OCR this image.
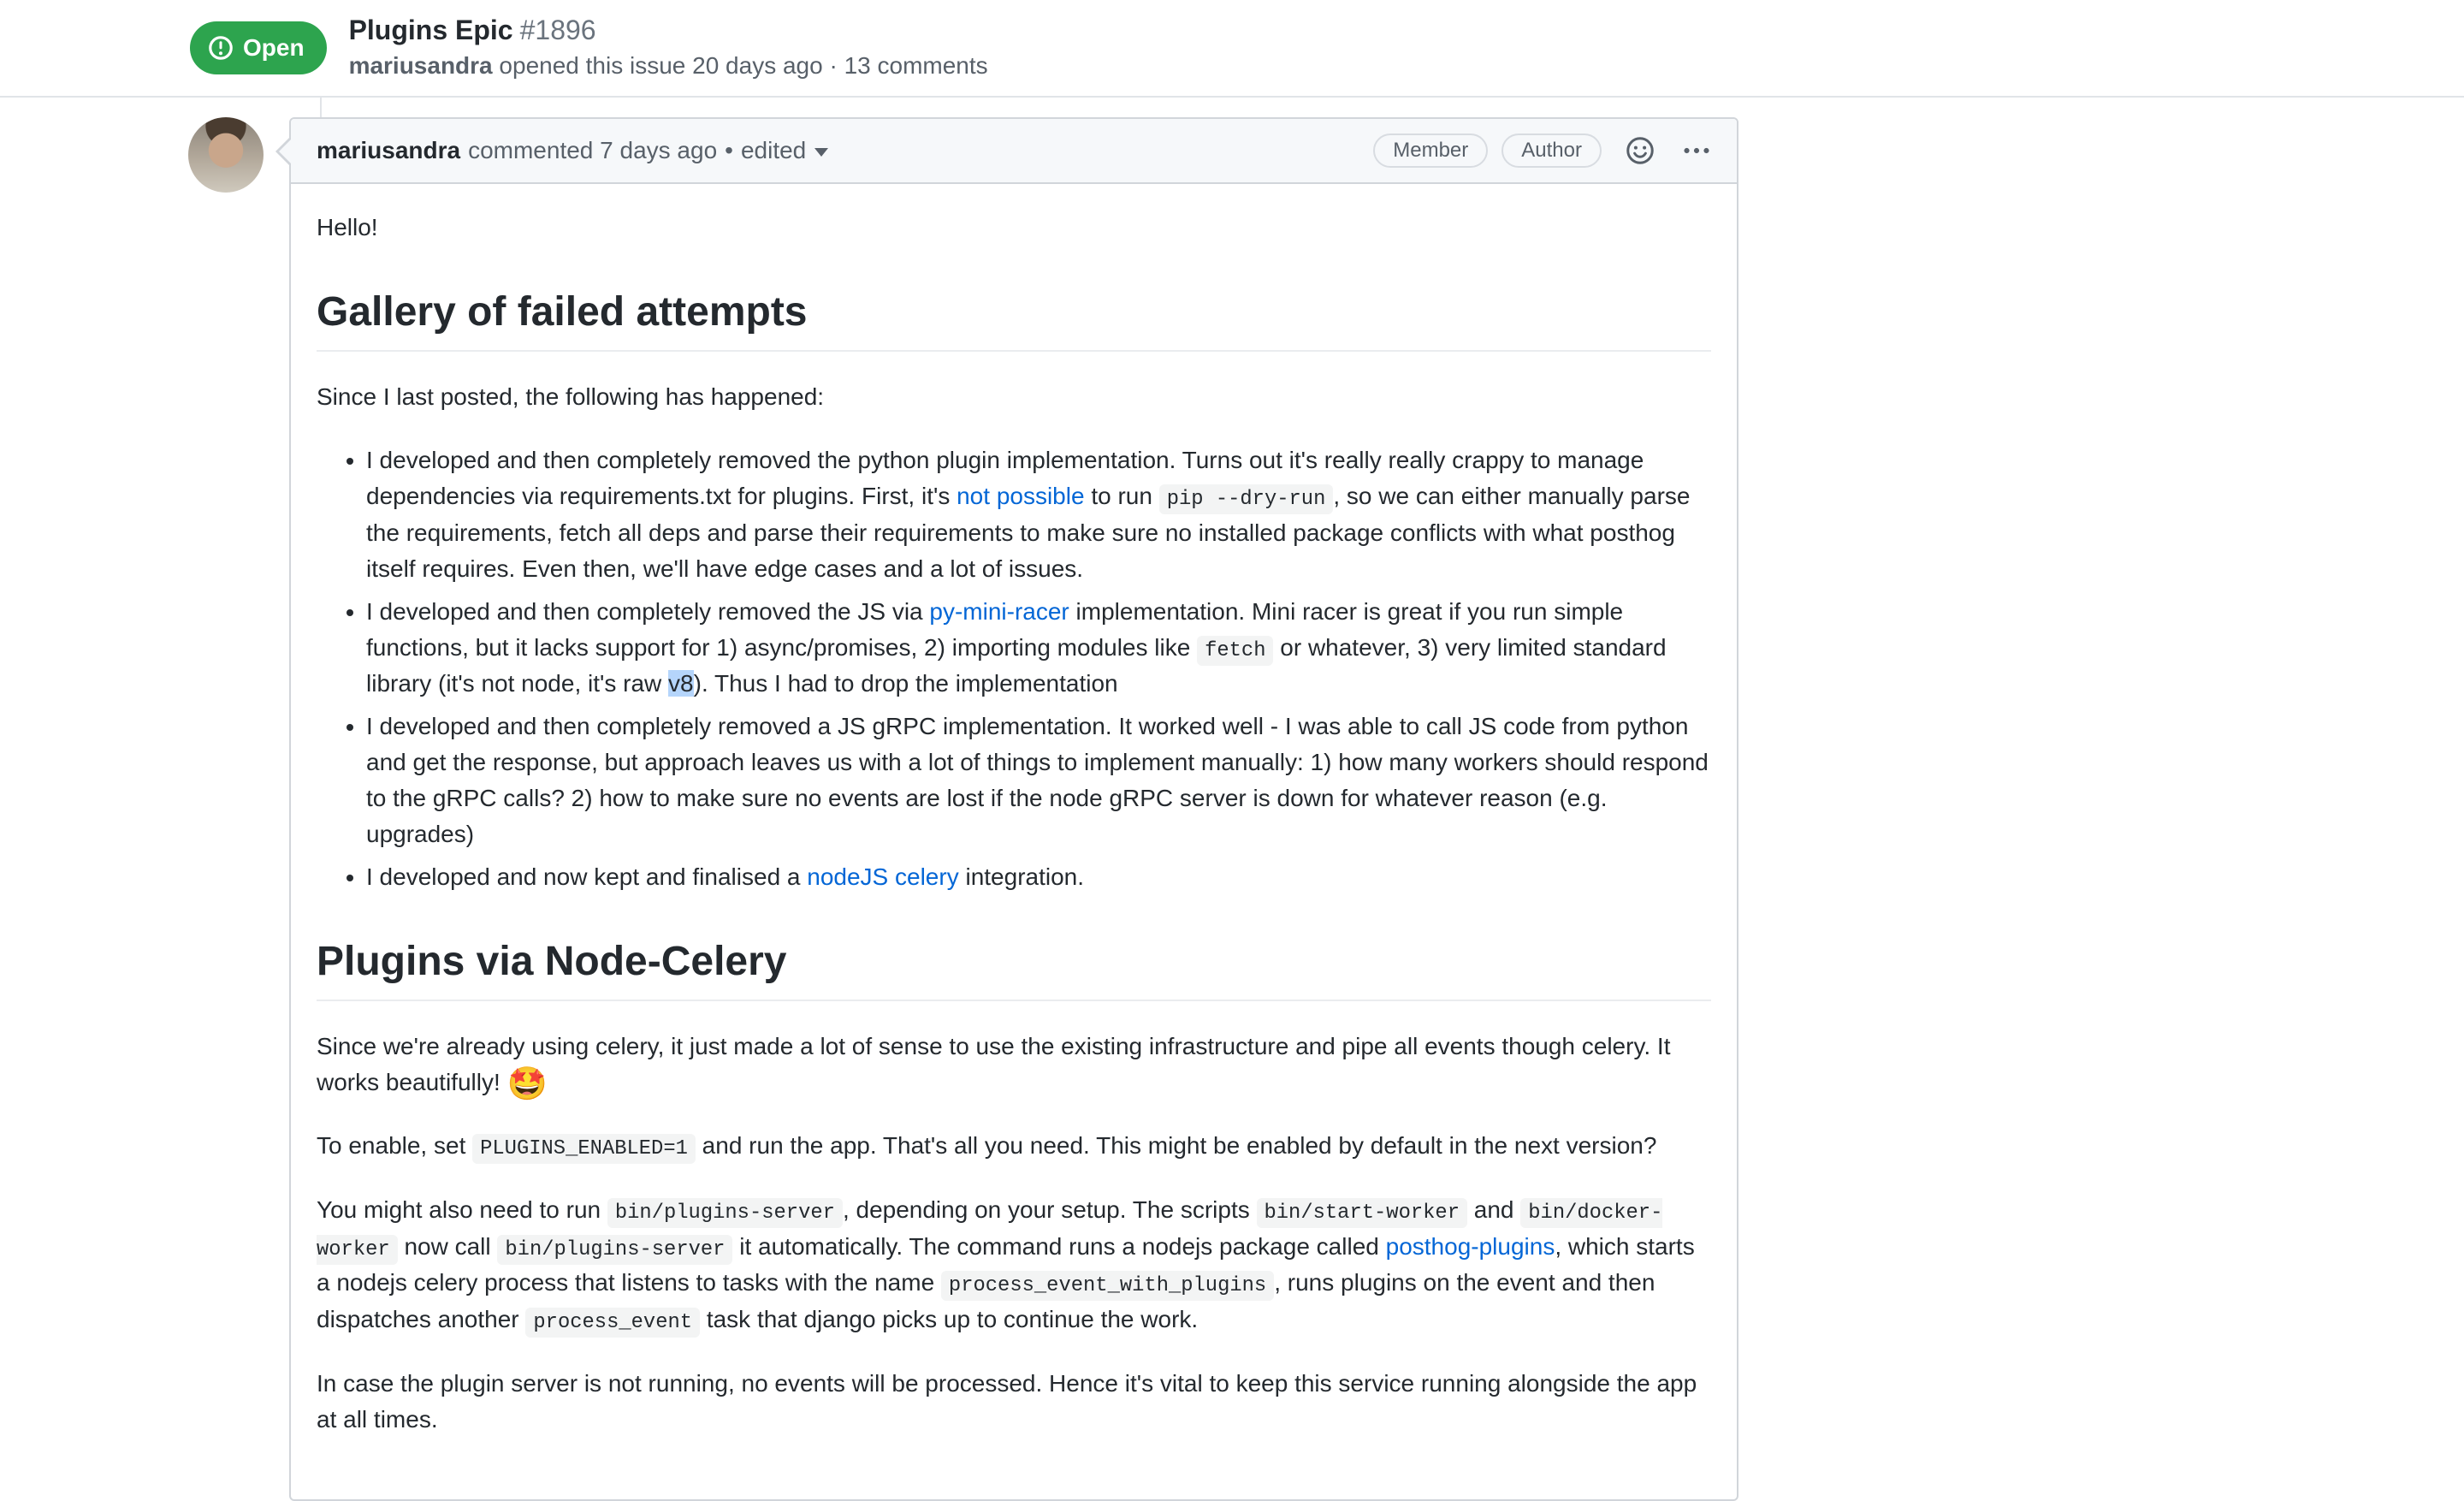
Open
Plugins Epic #1896
mariusandra opened this issue 20 days ago · 13 comments
mariusandra commented 7 days ago • edited	Member	Author

Hello!

Gallery of failed attempts

Since I last posted, the following has happened:

• I developed and then completely removed the python plugin implementation. Turns out it's really really crappy to manage dependencies via requirements.txt for plugins. First, it's not possible to run pip --dry-run , so we can either manually parse the requirements, fetch all deps and parse their requirements to make sure no installed package conflicts with what posthog itself requires. Even then, we'll have edge cases and a lot of issues.
• I developed and then completely removed the JS via py-mini-racer implementation. Mini racer is great if you run simple functions, but it lacks support for 1) async/promises, 2) importing modules like fetch or whatever, 3) very limited standard library (it's not node, it's raw v8). Thus I had to drop the implementation
• I developed and then completely removed a JS gRPC implementation. It worked well - I was able to call JS code from python and get the response, but approach leaves us with a lot of things to implement manually: 1) how many workers should respond to the gRPC calls? 2) how to make sure no events are lost if the node gRPC server is down for whatever reason (e.g. upgrades)
• I developed and now kept and finalised a nodeJS celery integration.
Plugins via Node-Celery

Since we're already using celery, it just made a lot of sense to use the existing infrastructure and pipe all events though celery. It works beautifully! 🤩

To enable, set PLUGINS_ENABLED=1 and run the app. That's all you need. This might be enabled by default in the next version?

You might also need to run bin/plugins-server , depending on your setup. The scripts bin/start-worker and bin/docker-worker now call bin/plugins-server it automatically. The command runs a nodejs package called posthog-plugins, which starts a nodejs celery process that listens to tasks with the name process_event_with_plugins , runs plugins on the event and then dispatches another process_event task that django picks up to continue the work.

In case the plugin server is not running, no events will be processed. Hence it's vital to keep this service running alongside the app at all times.
